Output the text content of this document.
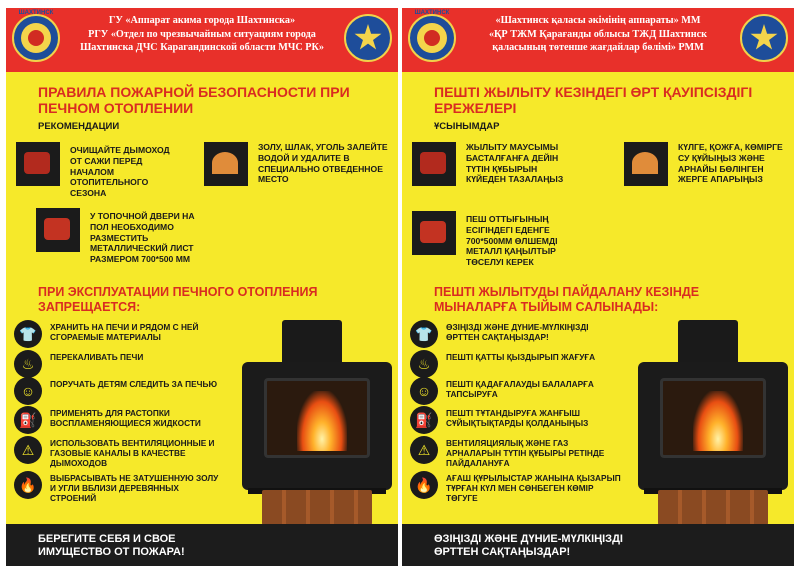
ШАХТИНСК
ГУ «Аппарат акима города Шахтинска»
РГУ «Отдел по чрезвычайным ситуациям города
Шахтинска ДЧС Карагандинской области МЧС РК»
ПРАВИЛА ПОЖАРНОЙ БЕЗОПАСНОСТИ ПРИ ПЕЧНОМ ОТОПЛЕНИИ
РЕКОМЕНДАЦИИ
ОЧИЩАЙТЕ ДЫМОХОД ОТ САЖИ ПЕРЕД НАЧАЛОМ ОТОПИТЕЛЬНОГО СЕЗОНА
ЗОЛУ, ШЛАК, УГОЛЬ ЗАЛЕЙТЕ ВОДОЙ И УДАЛИТЕ В СПЕЦИАЛЬНО ОТВЕДЕННОЕ МЕСТО
У ТОПОЧНОЙ ДВЕРИ НА ПОЛ НЕОБХОДИМО РАЗМЕСТИТЬ МЕТАЛЛИЧЕСКИЙ ЛИСТ РАЗМЕРОМ 700*500 ММ
ПРИ ЭКСПЛУАТАЦИИ ПЕЧНОГО ОТОПЛЕНИЯ ЗАПРЕЩАЕТСЯ:
👕	ХРАНИТЬ НА ПЕЧИ И РЯДОМ С НЕЙ СГОРАЕМЫЕ МАТЕРИАЛЫ
♨	ПЕРЕКАЛИВАТЬ ПЕЧИ
☺	ПОРУЧАТЬ ДЕТЯМ СЛЕДИТЬ ЗА ПЕЧЬЮ
⛽	ПРИМЕНЯТЬ ДЛЯ РАСТОПКИ ВОСПЛАМЕНЯЮЩИЕСЯ ЖИДКОСТИ
⚠	ИСПОЛЬЗОВАТЬ ВЕНТИЛЯЦИОННЫЕ И ГАЗОВЫЕ КАНАЛЫ В КАЧЕСТВЕ ДЫМОХОДОВ
🔥	ВЫБРАСЫВАТЬ НЕ ЗАТУШЕННУЮ ЗОЛУ И УГЛИ ВБЛИЗИ ДЕРЕВЯННЫХ СТРОЕНИЙ
БЕРЕГИТЕ СЕБЯ И СВОЕ
ИМУЩЕСТВО ОТ ПОЖАРА!
ШАХТИНСК
«Шахтинск қаласы әкімінің аппараты» ММ
«ҚР ТЖМ Қарағанды облысы ТЖД Шахтинск
қаласының төтенше жағдайлар бөлімі» РММ
ПЕШТІ ЖЫЛЫТУ КЕЗІНДЕГІ ӨРТ ҚАУІПСІЗДІГІ ЕРЕЖЕЛЕРІ
ҰСЫНЫМДАР
ЖЫЛЫТУ МАУСЫМЫ БАСТАЛҒАНҒА ДЕЙІН ТҮТІН ҚҰБЫРЫН КҮЙЕДЕН ТАЗАЛАҢЫЗ
КҮЛГЕ, ҚОЖҒА, КӨМІРГЕ СУ ҚҰЙЫҢЫЗ ЖӘНЕ АРНАЙЫ БӨЛІНГЕН ЖЕРГЕ АПАРЫҢЫЗ
ПЕШ ОТТЫҒЫНЫҢ ЕСІГІНДЕГІ ЕДЕНГЕ 700*500ММ ӨЛШЕМДІ МЕТАЛЛ ҚАҢЫЛТЫР ТӨСЕЛУІ КЕРЕК
ПЕШТІ ЖЫЛЫТУДЫ ПАЙДАЛАНУ КЕЗІНДЕ МЫНАЛАРҒА ТЫЙЫМ САЛЫНАДЫ:
👕	ӨЗІҢІЗДІ ЖӘНЕ ДҮНИЕ-МҮЛКІҢІЗДІ ӨРТТЕН САҚТАҢЫЗДАР!
♨	ПЕШТІ ҚАТТЫ ҚЫЗДЫРЫП ЖАҒУҒА
☺	ПЕШТІ ҚАДАҒАЛАУДЫ БАЛАЛАРҒА ТАПСЫРУҒА
⛽	ПЕШТІ ТҰТАНДЫРУҒА ЖАНҒЫШ СҰЙЫҚТЫҚТАРДЫ ҚОЛДАНЫҢЫЗ
⚠	ВЕНТИЛЯЦИЯЛЫҚ ЖӘНЕ ГАЗ АРНАЛАРЫН ТҮТІН ҚҰБЫРЫ РЕТІНДЕ ПАЙДАЛАНУҒА
🔥	АҒАШ ҚҰРЫЛЫСТАР ЖАНЫНА ҚЫЗАРЫП ТҰРҒАН КҮЛ МЕН СӨНБЕГЕН КӨМІР ТӨГУГЕ
ӨЗІҢІЗДІ ЖӘНЕ ДҮНИЕ-МҮЛКІҢІЗДІ
ӨРТТЕН САҚТАҢЫЗДАР!
